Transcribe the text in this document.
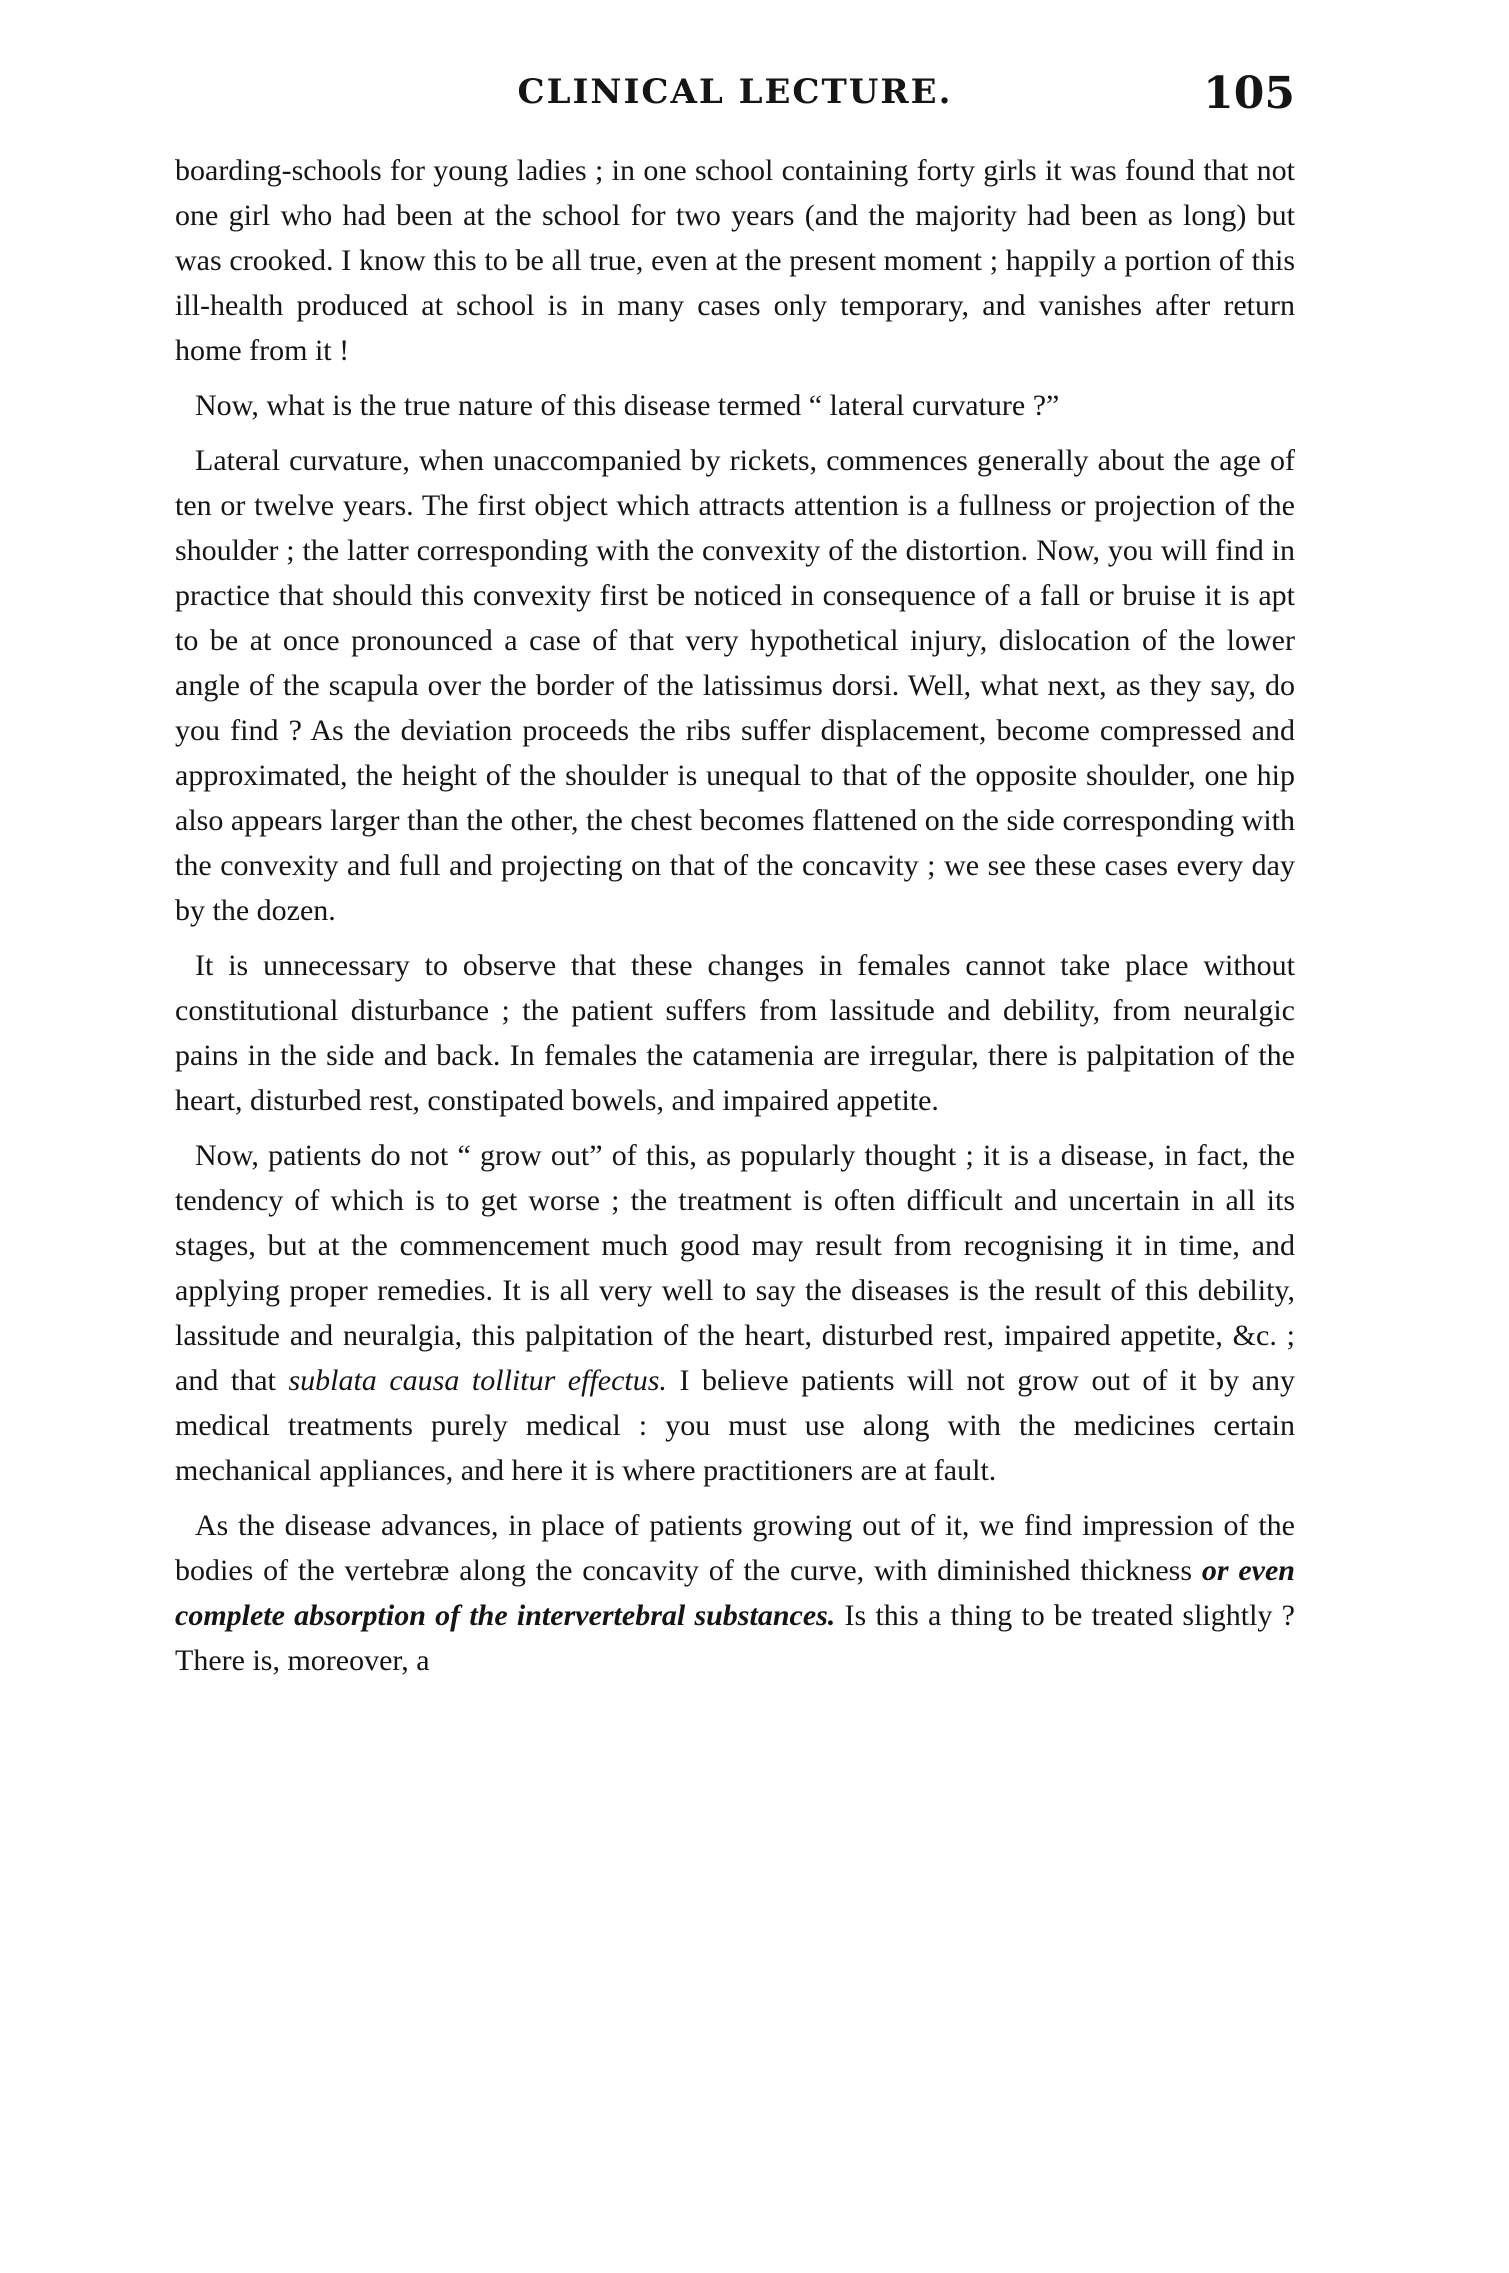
CLINICAL LECTURE.	105

boarding-schools for young ladies ; in one school containing forty girls it was found that not one girl who had been at the school for two years (and the majority had been as long) but was crooked. I know this to be all true, even at the present moment ; happily a portion of this ill-health produced at school is in many cases only temporary, and vanishes after return home from it !

Now, what is the true nature of this disease termed “ lateral curvature ?”

Lateral curvature, when unaccompanied by rickets, commences generally about the age of ten or twelve years. The first object which attracts attention is a fullness or projection of the shoulder ; the latter corresponding with the convexity of the distortion. Now, you will find in practice that should this convexity first be noticed in consequence of a fall or bruise it is apt to be at once pronounced a case of that very hypothetical injury, dislocation of the lower angle of the scapula over the border of the latissimus dorsi. Well, what next, as they say, do you find ? As the deviation proceeds the ribs suffer displacement, become compressed and approximated, the height of the shoulder is unequal to that of the opposite shoulder, one hip also appears larger than the other, the chest becomes flattened on the side corresponding with the convexity and full and projecting on that of the concavity ; we see these cases every day by the dozen.

It is unnecessary to observe that these changes in females cannot take place without constitutional disturbance ; the patient suffers from lassitude and debility, from neuralgic pains in the side and back. In females the catamenia are irregular, there is palpitation of the heart, disturbed rest, constipated bowels, and impaired appetite.

Now, patients do not “ grow out” of this, as popularly thought ; it is a disease, in fact, the tendency of which is to get worse ; the treatment is often difficult and uncertain in all its stages, but at the commencement much good may result from recognising it in time, and applying proper remedies. It is all very well to say the diseases is the result of this debility, lassitude and neuralgia, this palpitation of the heart, disturbed rest, impaired appetite, &c. ; and that sublata causa tollitur effectus. I believe patients will not grow out of it by any medical treatments purely medical : you must use along with the medicines certain mechanical appliances, and here it is where practitioners are at fault.

As the disease advances, in place of patients growing out of it, we find impression of the bodies of the vertebræ along the concavity of the curve, with diminished thickness or even complete absorption of the intervertebral substances. Is this a thing to be treated slightly ? There is, moreover, a
